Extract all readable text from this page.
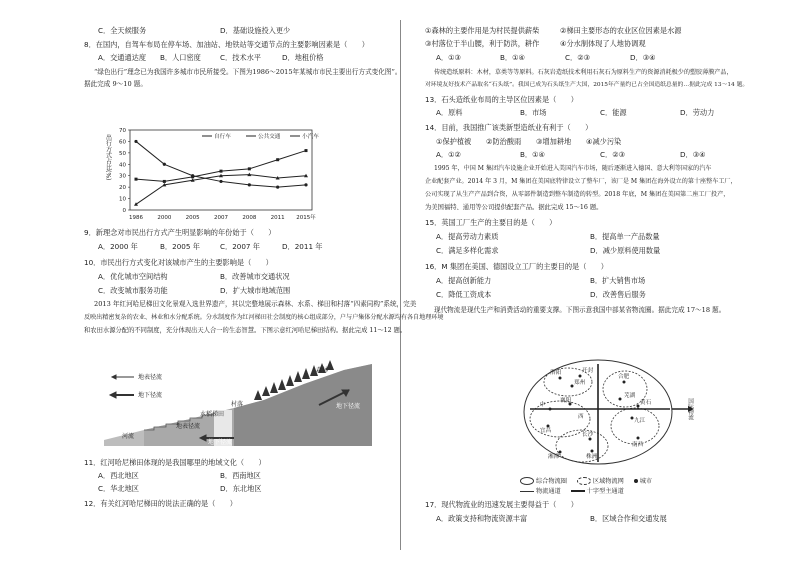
C．全天候服务	D．基础设施投入更少
8．在国内，自驾车布局在停车场、加油站、地铁站等交通节点的主要影响因素是（　　）
A．交通通达度 B．人口密度	C．技术水平	D．地租价格
“绿色出行”理念已为我国许多城市市民所接受。下图为1986～2015年某城市市民主要出行方式变化图”。
据此完成 9～10 题。
0
10
20
30
40
50
60
70
1986	2000	2005	2007	2008	2011 2015年
出行方式占比(%)	自行车	公共交通	小汽车
9．新理念对市民出行方式产生明显影响的年份始于（　　）
A．2000 年	B．2005 年	C．2007 年	D．2011 年
10．市民出行方式变化对该城市产生的主要影响是（　　）
A．优化城市空间结构	B．改善城市交通状况
C．改变城市服务功能	D．扩大城市地域范围
2013 年红河哈尼梯田文化景观入选世界遗产，其以完整地展示森林、水系、梯田和村落“四素同构”系统，完美
反映出精密复杂的农业、林业和水分配系统。分水制度作为红河梯田社会制度的核心组成部分，户与户集体分配水源均有各自地理环境
和农田水源分配的不同制度，充分体现出天人合一的生态智慧。下图示意红河哈尼梯田结构。据此完成 11～12 题。
地表径流
地下径流
森林
村落
水稻梯田
地下径流
地表径流
河流
地下径流
11．红河哈尼梯田体现的是我国哪里的地域文化（　　）
A．西北地区	B．西南地区
C．华北地区	D．东北地区
12．有关红河哈尼梯田的说法正确的是（　　）
①森林的主要作用是为村民提供薪柴	②梯田主要形态的农业区位因素是水源
③村落位于半山腰，利于防洪，耕作	④分水制体现了人地协调观
A．①③	B．①④	C．②③	D．③④
传统造纸原料：木材，草类等等原料。石灰岩造纸技术利用石灰石为原料生产的资源消耗极少的塑胶薄膜产品，
对环境友好技术产品取名“石头纸”。我国已成为石头纸生产大国，2015年产量约已占全国造纸总量的…据此完成 13～14 题。
13．石头造纸业布局的主导区位因素是（　　）
A．原料	B．市场	C．能源	D．劳动力
14．目前，我国推广该类新型造纸业有利于（　　）
①保护植被 ②防治酸雨 ③增加耕地 ④减少污染
A．①②	B．①④	C．②③	D．③④
1995 年，中国 M 集团汽车设施企业开始进入美国汽车市场，随后逐渐进入德国、意大利等国家的汽车
企业配套产业。2014 年 3 月，M 集团在美国底特律设立了整车厂，该厂是 M 集团在海外设立的第十座整车工厂，
公司实现了从生产产品到合资，从零部件制造到整车制造的转型。2018 年底，M 集团在美国第二座工厂投产，
为美国福特、通用等公司提供配套产品。据此完成 15～16 题。
15．英国工厂生产的主要目的是（　　）
A．提高劳动力素质	B．提高单一产品数量
C．满足多样化需求	D．减少原料使用数量
16．M 集团在美国、德国设立工厂的主要目的是（　　）
A．提高创新能力	B．扩大销售市场
C．降低工资成本	D．改善售后服务
现代物流是现代生产和消费活动的重要支撑。下图示意我国中部某省物流圈。据此完成 17～18 题。
洛阳	开封
郑州
合肥
中
襄阳
宜昌
西
芜湖
黄石
九江
长沙
株洲
南昌
湘潭
国际物流
综合物流圈	区域物流网	城市
物流通道	十字型主通道
17．现代物流业的迅速发展主要得益于（　　）
A．政策支持和物流资源丰富	B．区域合作和交通发展
